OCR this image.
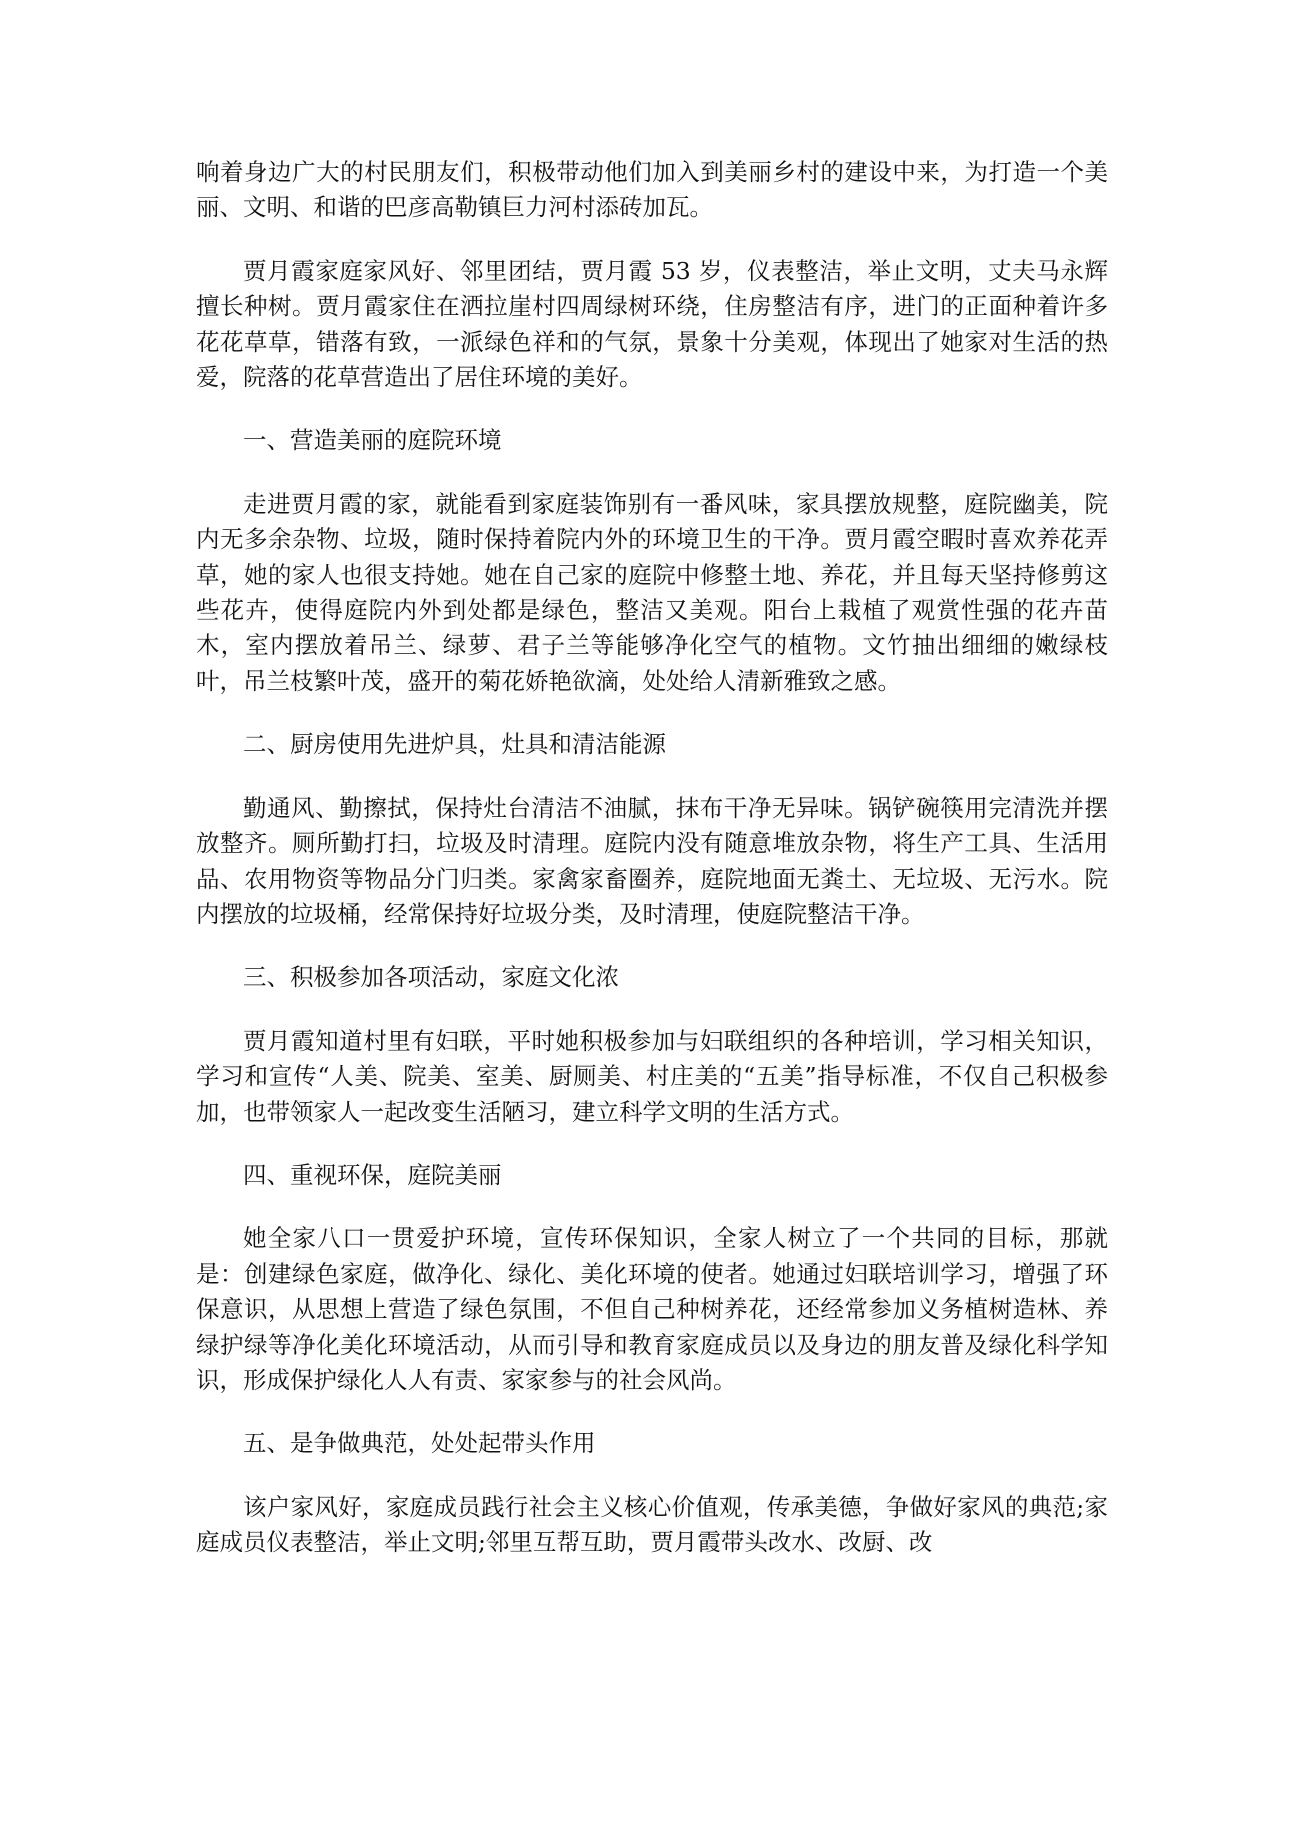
响着身边广大的村民朋友们，积极带动他们加入到美丽乡村的建设中来，为打造一个美丽、文明、和谐的巴彦高勒镇巨力河村添砖加瓦。

贾月霞家庭家风好、邻里团结，贾月霞 53 岁，仪表整洁，举止文明，丈夫马永辉擅长种树。贾月霞家住在洒拉崖村四周绿树环绕，住房整洁有序，进门的正面种着许多花花草草，错落有致，一派绿色祥和的气氛，景象十分美观，体现出了她家对生活的热爱，院落的花草营造出了居住环境的美好。

一、营造美丽的庭院环境

走进贾月霞的家，就能看到家庭装饰别有一番风味，家具摆放规整，庭院幽美，院内无多余杂物、垃圾，随时保持着院内外的环境卫生的干净。贾月霞空暇时喜欢养花弄草，她的家人也很支持她。她在自己家的庭院中修整土地、养花，并且每天坚持修剪这些花卉，使得庭院内外到处都是绿色，整洁又美观。阳台上栽植了观赏性强的花卉苗木，室内摆放着吊兰、绿萝、君子兰等能够净化空气的植物。文竹抽出细细的嫩绿枝叶，吊兰枝繁叶茂，盛开的菊花娇艳欲滴，处处给人清新雅致之感。

二、厨房使用先进炉具，灶具和清洁能源

勤通风、勤擦拭，保持灶台清洁不油腻，抹布干净无异味。锅铲碗筷用完清洗并摆放整齐。厕所勤打扫，垃圾及时清理。庭院内没有随意堆放杂物，将生产工具、生活用品、农用物资等物品分门归类。家禽家畜圈养，庭院地面无粪土、无垃圾、无污水。院内摆放的垃圾桶，经常保持好垃圾分类，及时清理，使庭院整洁干净。

三、积极参加各项活动，家庭文化浓

贾月霞知道村里有妇联，平时她积极参加与妇联组织的各种培训，学习相关知识，学习和宣传“人美、院美、室美、厨厕美、村庄美的“五美”指导标准，不仅自己积极参加，也带领家人一起改变生活陋习，建立科学文明的生活方式。

四、重视环保，庭院美丽

她全家八口一贯爱护环境，宣传环保知识，全家人树立了一个共同的目标，那就是：创建绿色家庭，做净化、绿化、美化环境的使者。她通过妇联培训学习，增强了环保意识，从思想上营造了绿色氛围，不但自己种树养花，还经常参加义务植树造林、养绿护绿等净化美化环境活动，从而引导和教育家庭成员以及身边的朋友普及绿化科学知识，形成保护绿化人人有责、家家参与的社会风尚。

五、是争做典范，处处起带头作用

该户家风好，家庭成员践行社会主义核心价值观，传承美德，争做好家风的典范;家庭成员仪表整洁，举止文明;邻里互帮互助，贾月霞带头改水、改厨、改
